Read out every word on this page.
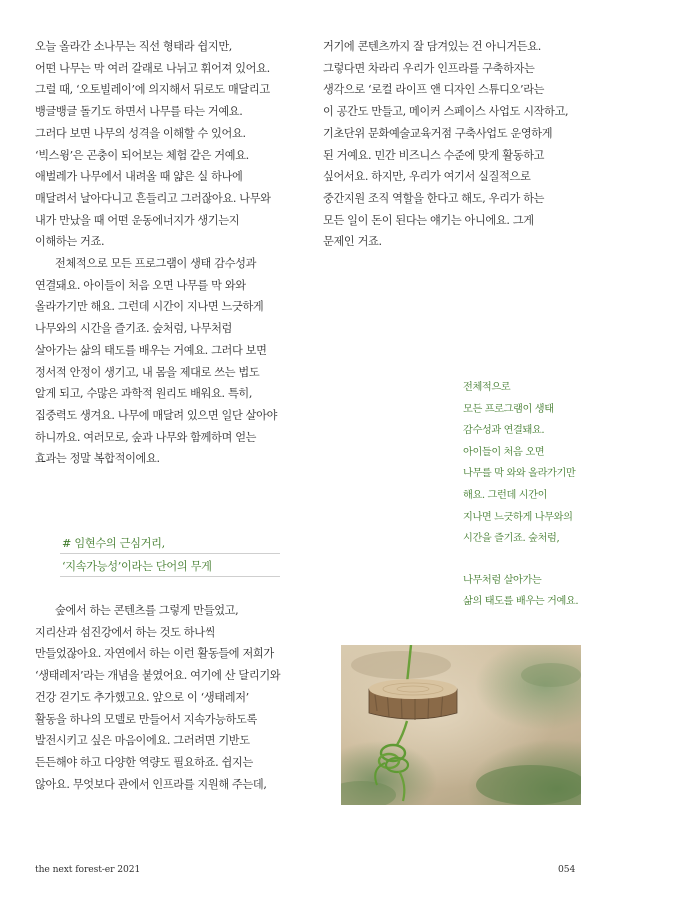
오늘 올라간 소나무는 직선 형태라 쉽지만,

어떤 나무는 막 여러 갈래로 나뉘고 휘어져 있어요.

그럴 때, ‘오토빌레이’에 의지해서 뒤로도 매달리고

뱅글뱅글 돌기도 하면서 나무를 타는 거예요.

그러다 보면 나무의 성격을 이해할 수 있어요.

‘빅스윙’은 곤충이 되어보는 체험 같은 거예요.

애벌레가 나무에서 내려올 때 얇은 실 하나에

매달려서 날아다니고 흔들리고 그러잖아요. 나무와

내가 만났을 때 어떤 운동에너지가 생기는지

이해하는 거죠.

전체적으로 모든 프로그램이 생태 감수성과

연결돼요. 아이들이 처음 오면 나무를 막 와와

올라가기만 해요. 그런데 시간이 지나면 느긋하게

나무와의 시간을 즐기죠. 숲처럼, 나무처럼

살아가는 삶의 태도를 배우는 거예요. 그러다 보면

정서적 안정이 생기고, 내 몸을 제대로 쓰는 법도

알게 되고, 수많은 과학적 원리도 배워요. 특히,

집중력도 생겨요. 나무에 매달려 있으면 일단 살아야

하니까요. 여러모로, 숲과 나무와 함께하며 얻는

효과는 정말 복합적이에요.

거기에 콘텐츠까지 잘 담겨있는 건 아니거든요.

그렇다면 차라리 우리가 인프라를 구축하자는

생각으로 ‘로컬 라이프 앤 디자인 스튜디오’라는

이 공간도 만들고, 메이커 스페이스 사업도 시작하고,

기초단위 문화예술교육거점 구축사업도 운영하게

된 거예요. 민간 비즈니스 수준에 맞게 활동하고

싶어서요. 하지만, 우리가 여기서 실질적으로

중간지원 조직 역할을 한다고 해도, 우리가 하는

모든 일이 돈이 된다는 얘기는 아니에요. 그게

문제인 거죠.

# 임현수의 근심거리,
‘지속가능성’이라는 단어의 무게

숲에서 하는 콘텐츠를 그렇게 만들었고,

지리산과 섬진강에서 하는 것도 하나씩

만들었잖아요. 자연에서 하는 이런 활동들에 저희가

‘생태레저’라는 개념을 붙였어요. 여기에 산 달리기와

건강 걷기도 추가했고요. 앞으로 이 ‘생태레저’

활동을 하나의 모델로 만들어서 지속가능하도록

발전시키고 싶은 마음이에요. 그러려면 기반도

든든해야 하고 다양한 역량도 필요하죠. 쉽지는

않아요. 무엇보다 관에서 인프라를 지원해 주는데,

전체적으로

모든 프로그램이 생태

감수성과 연결돼요.

아이들이 처음 오면

나무를 막 와와 올라가기만

해요. 그런데 시간이

지나면 느긋하게 나무와의

시간을 즐기죠. 숲처럼,

나무처럼 살아가는

삶의 태도를 배우는 거예요.

the next forest-er 2021	054
